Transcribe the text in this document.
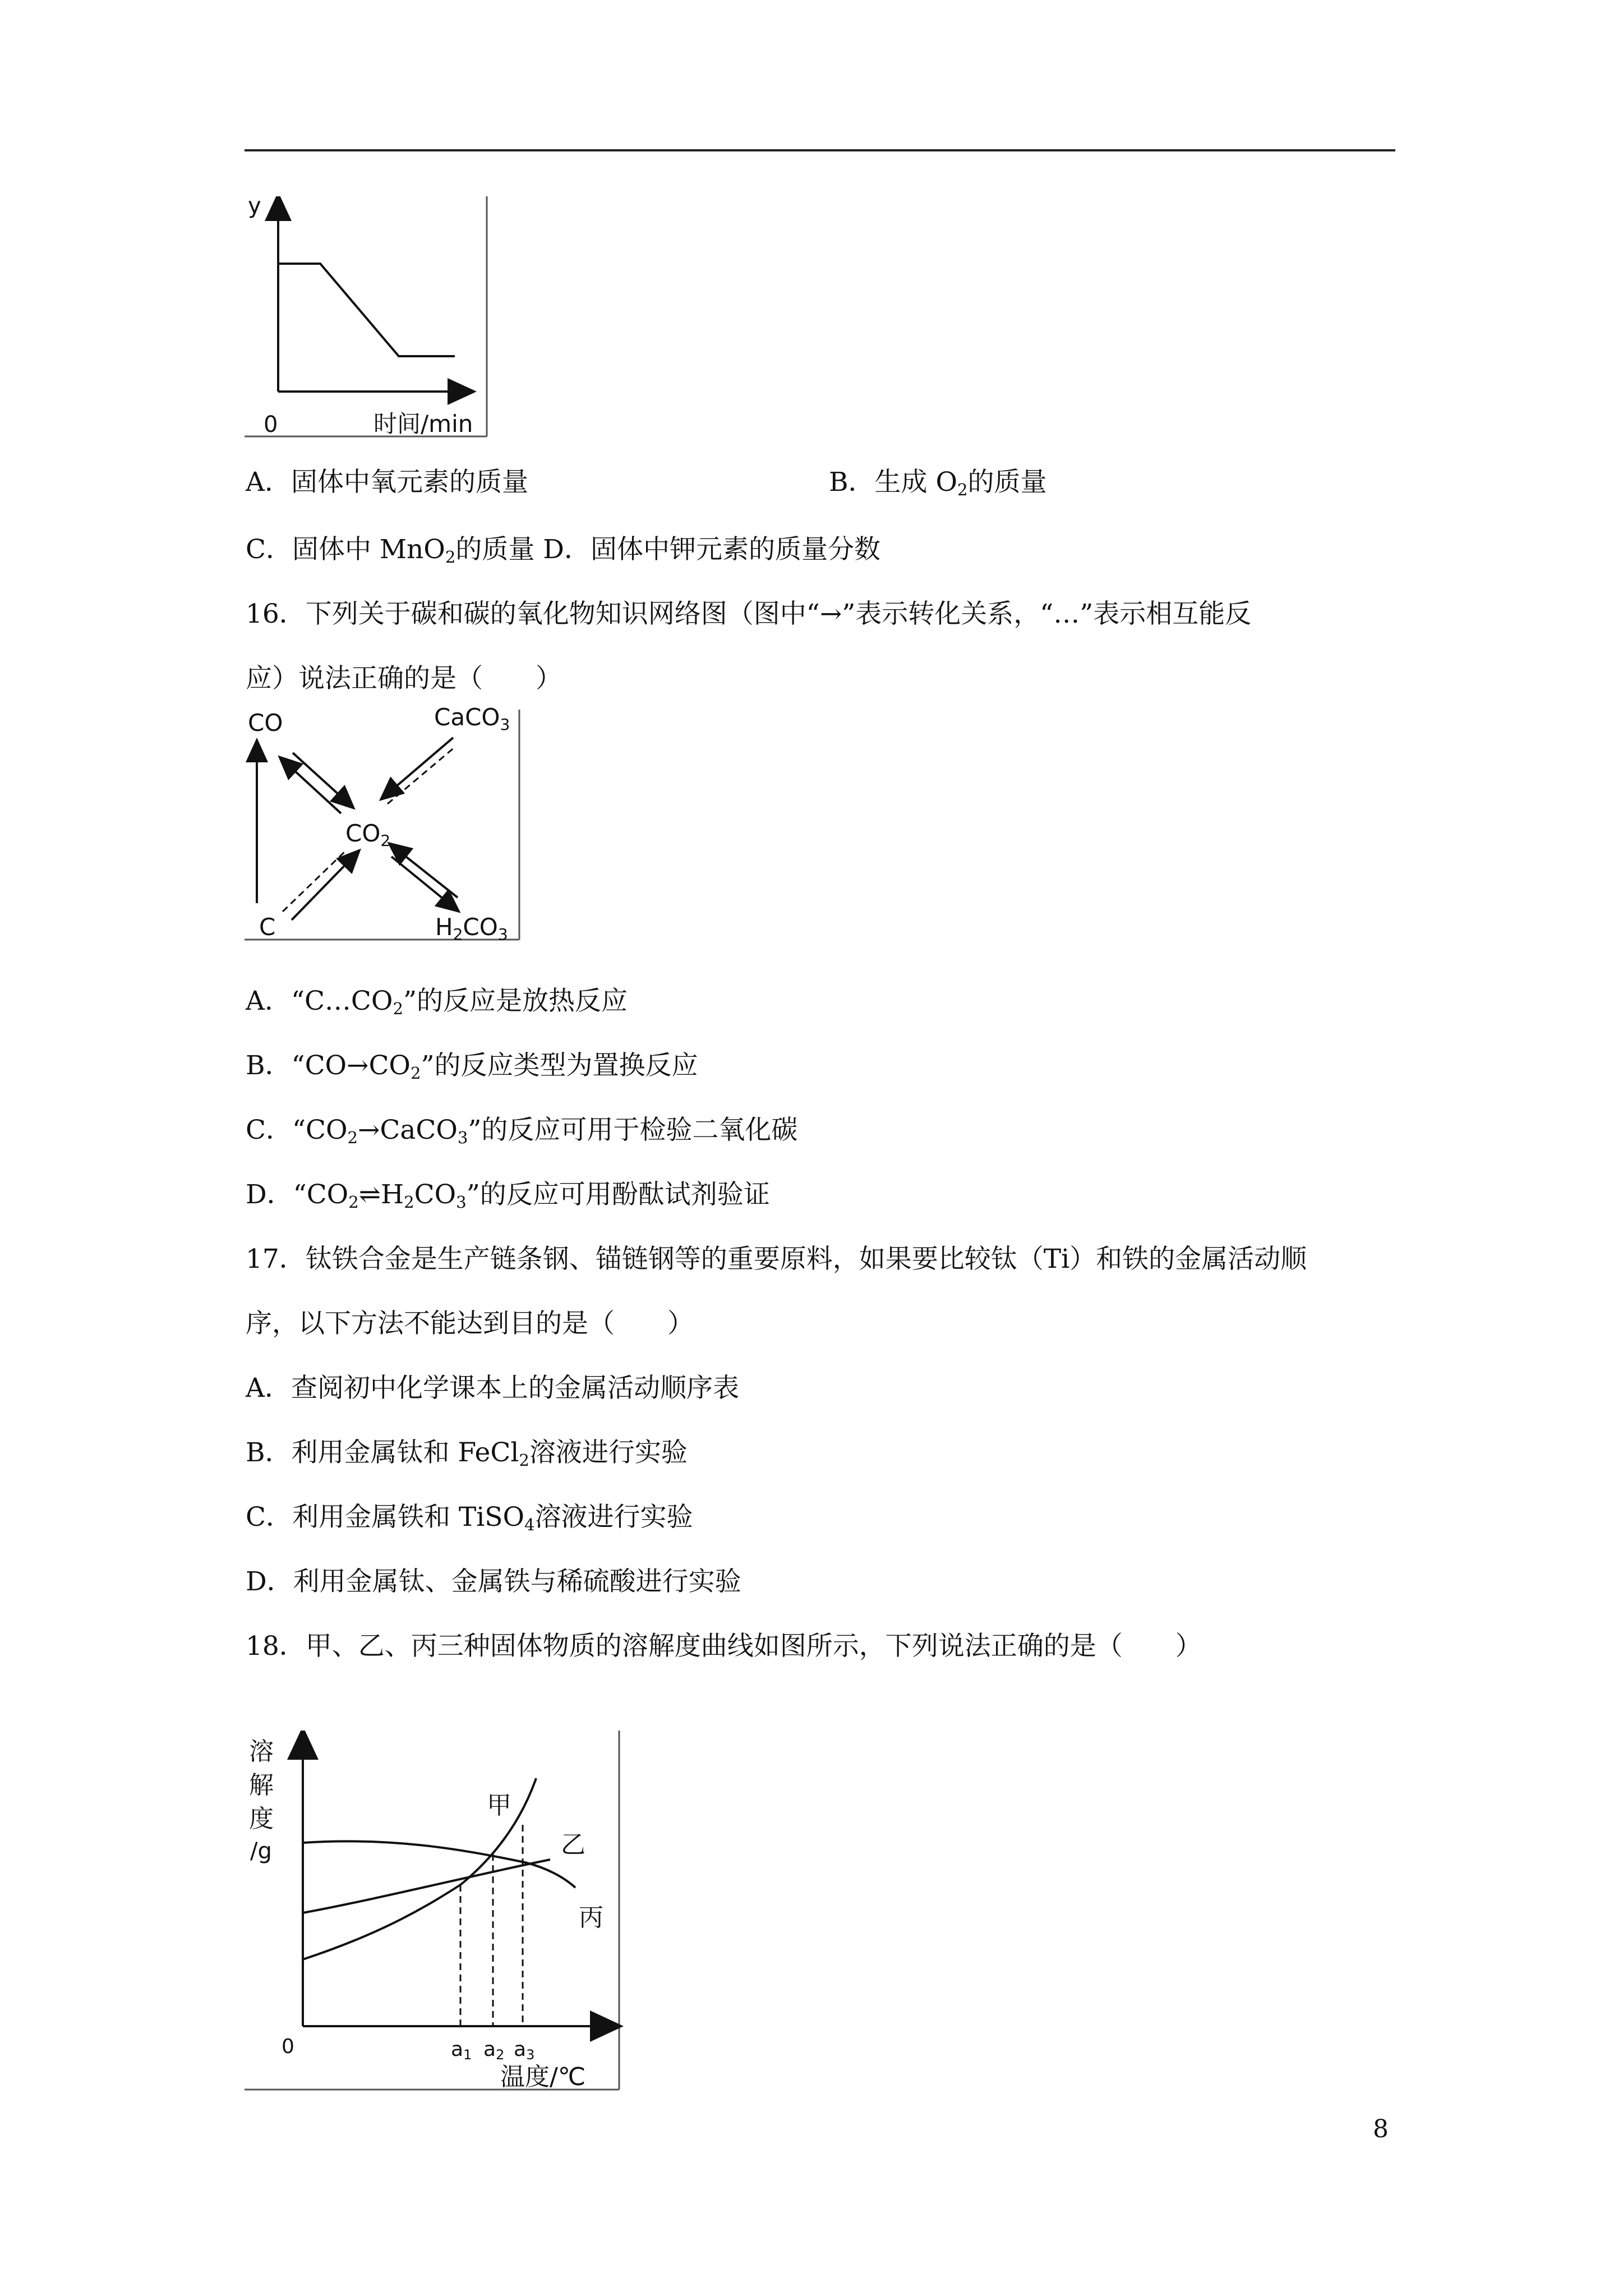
y
0	时间/min
A．固体中氧元素的质量	B．生成 $O_2$的质量
C．固体中 MnO$_2$的质量 D．固体中钾元素的质量分数
16．下列关于碳和碳的氧化物知识网络图（图中“→”表示转化关系，“…”表示相互能反
应）说法正确的是（　　）
CO	CaCO3
CO2
C	H2CO3
A．“$C\dots CO_2$”的反应是放热反应
B．“$CO\to CO_2$”的反应类型为置换反应
C．“$CO_2\to CaCO_3$”的反应可用于检验二氧化碳
D．“$CO_2\rightleftharpoons H_2CO_3$”的反应可用酚酞试剂验证
17．钛铁合金是生产链条钢、锚链钢等的重要原料，如果要比较钛（Ti）和铁的金属活动顺
序，以下方法不能达到目的是（　　）
A．查阅初中化学课本上的金属活动顺序表
B．利用金属钛和 FeCl$_2$溶液进行实验
C．利用金属铁和 TiSO$_4$溶液进行实验
D．利用金属钛、金属铁与稀硫酸进行实验
18．甲、乙、丙三种固体物质的溶解度曲线如图所示，下列说法正确的是（　　）
溶
解
度
/g
甲
乙
丙
0	a1 a2 a3
温度/℃
8
